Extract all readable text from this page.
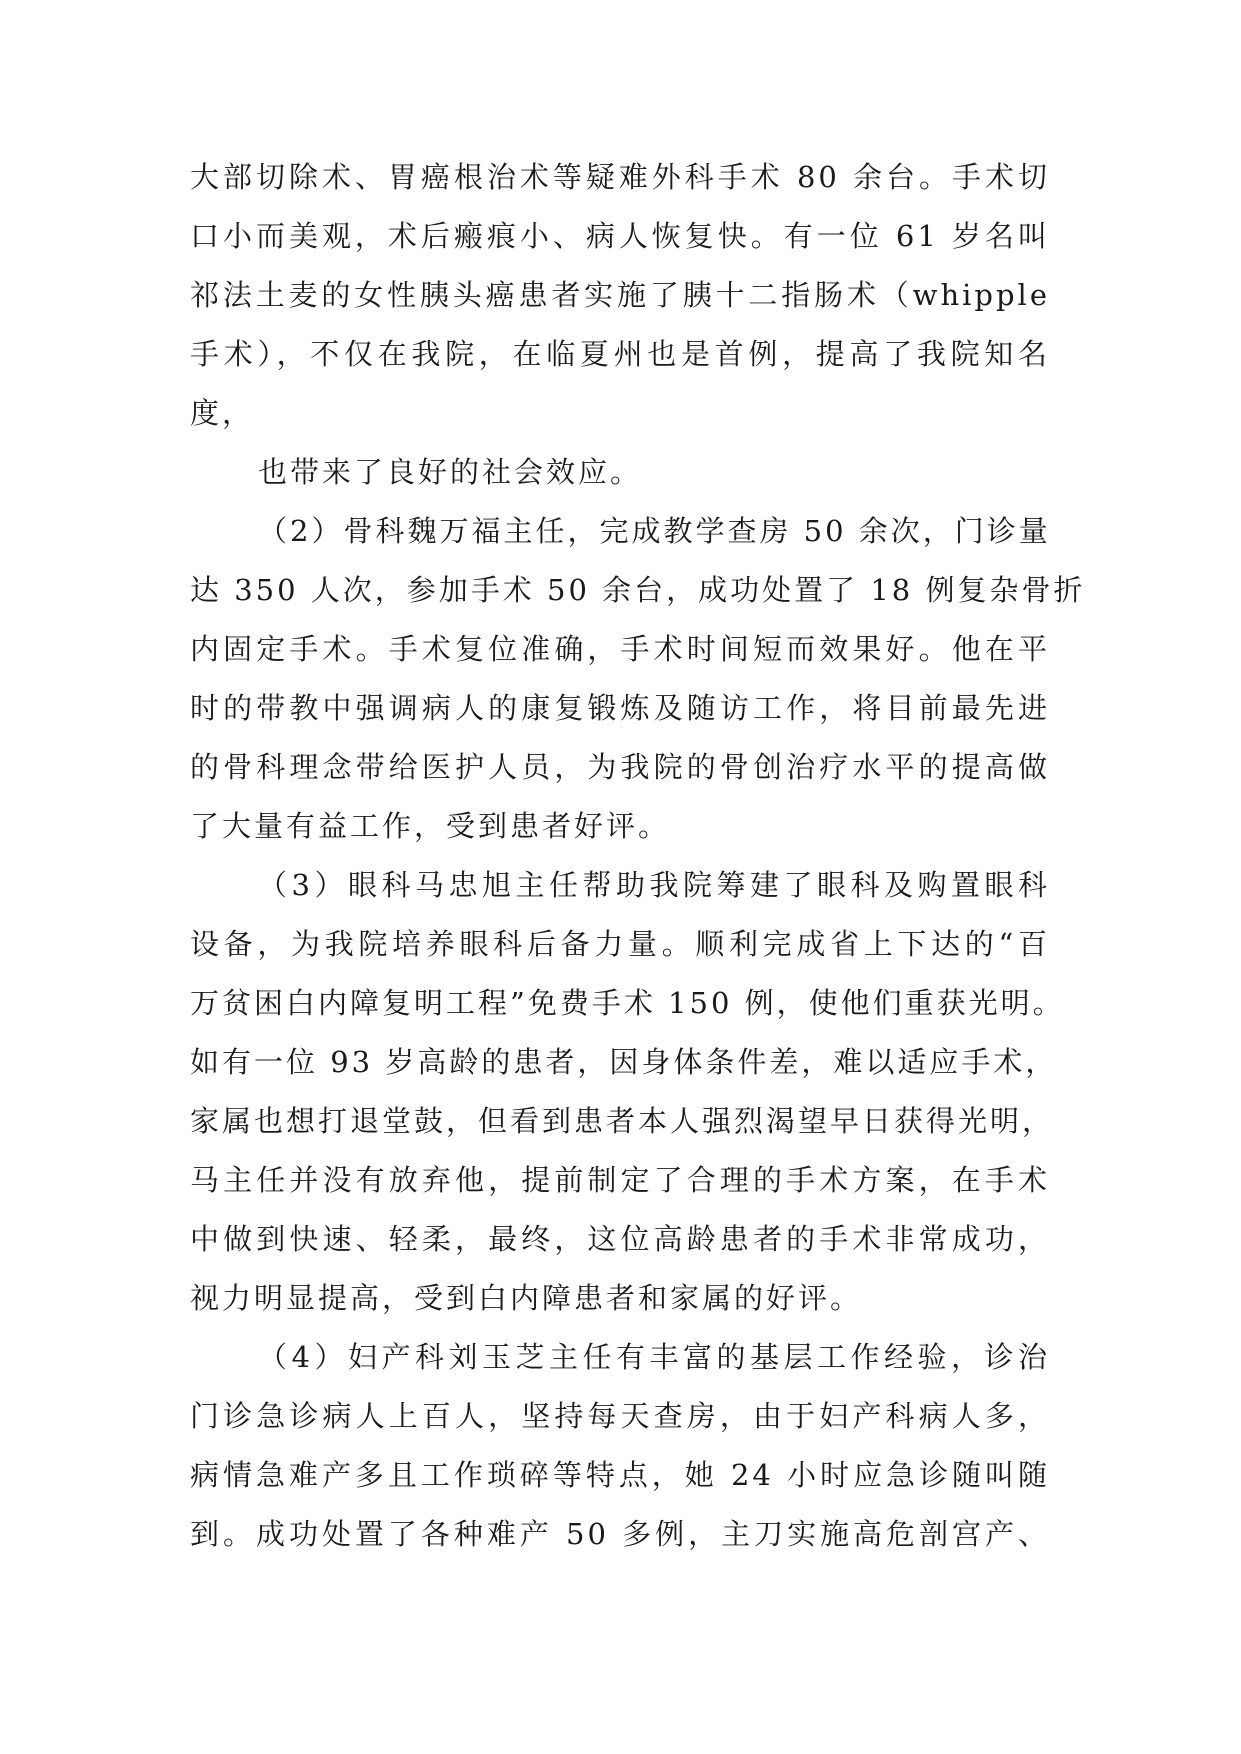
大部切除术、胃癌根治术等疑难外科手术 80 余台。手术切
口小而美观，术后瘢痕小、病人恢复快。有一位 61 岁名叫
祁法土麦的女性胰头癌患者实施了胰十二指肠术（whipple
手术），不仅在我院，在临夏州也是首例，提高了我院知名
度，
也带来了良好的社会效应。
（2）骨科魏万福主任，完成教学查房 50 余次，门诊量
达 350 人次，参加手术 50 余台，成功处置了 18 例复杂骨折
内固定手术。手术复位准确，手术时间短而效果好。他在平
时的带教中强调病人的康复锻炼及随访工作，将目前最先进
的骨科理念带给医护人员，为我院的骨创治疗水平的提高做
了大量有益工作，受到患者好评。
（3）眼科马忠旭主任帮助我院筹建了眼科及购置眼科
设备，为我院培养眼科后备力量。顺利完成省上下达的“百
万贫困白内障复明工程”免费手术 150 例，使他们重获光明。
如有一位 93 岁高龄的患者，因身体条件差，难以适应手术，
家属也想打退堂鼓，但看到患者本人强烈渴望早日获得光明，
马主任并没有放弃他，提前制定了合理的手术方案，在手术
中做到快速、轻柔，最终，这位高龄患者的手术非常成功，
视力明显提高，受到白内障患者和家属的好评。
（4）妇产科刘玉芝主任有丰富的基层工作经验，诊治
门诊急诊病人上百人，坚持每天查房，由于妇产科病人多，
病情急难产多且工作琐碎等特点，她 24 小时应急诊随叫随
到。成功处置了各种难产 50 多例，主刀实施高危剖宫产、
